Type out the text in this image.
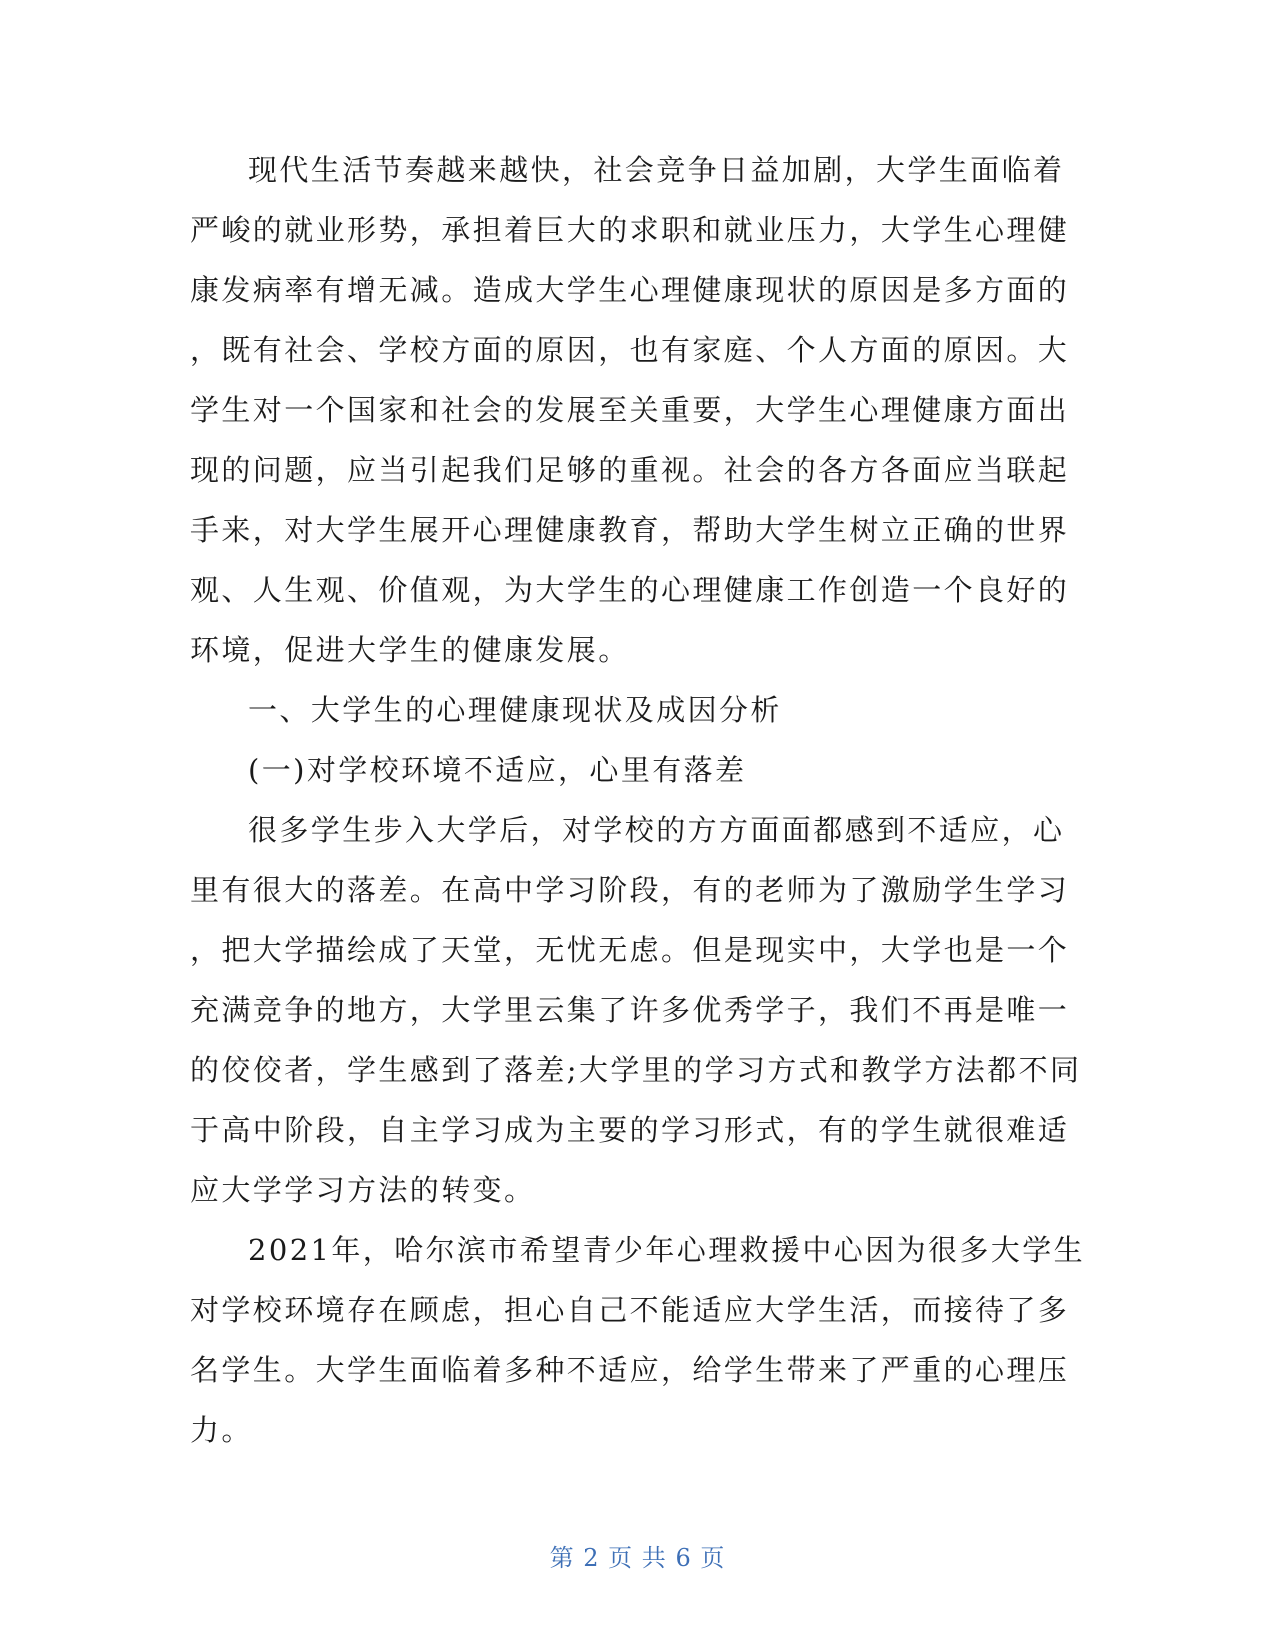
现代生活节奏越来越快，社会竞争日益加剧，大学生面临着
严峻的就业形势，承担着巨大的求职和就业压力，大学生心理健
康发病率有增无减。造成大学生心理健康现状的原因是多方面的
，既有社会、学校方面的原因，也有家庭、个人方面的原因。大
学生对一个国家和社会的发展至关重要，大学生心理健康方面出
现的问题，应当引起我们足够的重视。社会的各方各面应当联起
手来，对大学生展开心理健康教育，帮助大学生树立正确的世界
观、人生观、价值观，为大学生的心理健康工作创造一个良好的
环境，促进大学生的健康发展。
一、大学生的心理健康现状及成因分析
(一)对学校环境不适应，心里有落差
很多学生步入大学后，对学校的方方面面都感到不适应，心
里有很大的落差。在高中学习阶段，有的老师为了激励学生学习
，把大学描绘成了天堂，无忧无虑。但是现实中，大学也是一个
充满竞争的地方，大学里云集了许多优秀学子，我们不再是唯一
的佼佼者，学生感到了落差;大学里的学习方式和教学方法都不同
于高中阶段，自主学习成为主要的学习形式，有的学生就很难适
应大学学习方法的转变。
2021年，哈尔滨市希望青少年心理救援中心因为很多大学生
对学校环境存在顾虑，担心自己不能适应大学生活，而接待了多
名学生。大学生面临着多种不适应，给学生带来了严重的心理压
力。
第 2 页 共 6 页
